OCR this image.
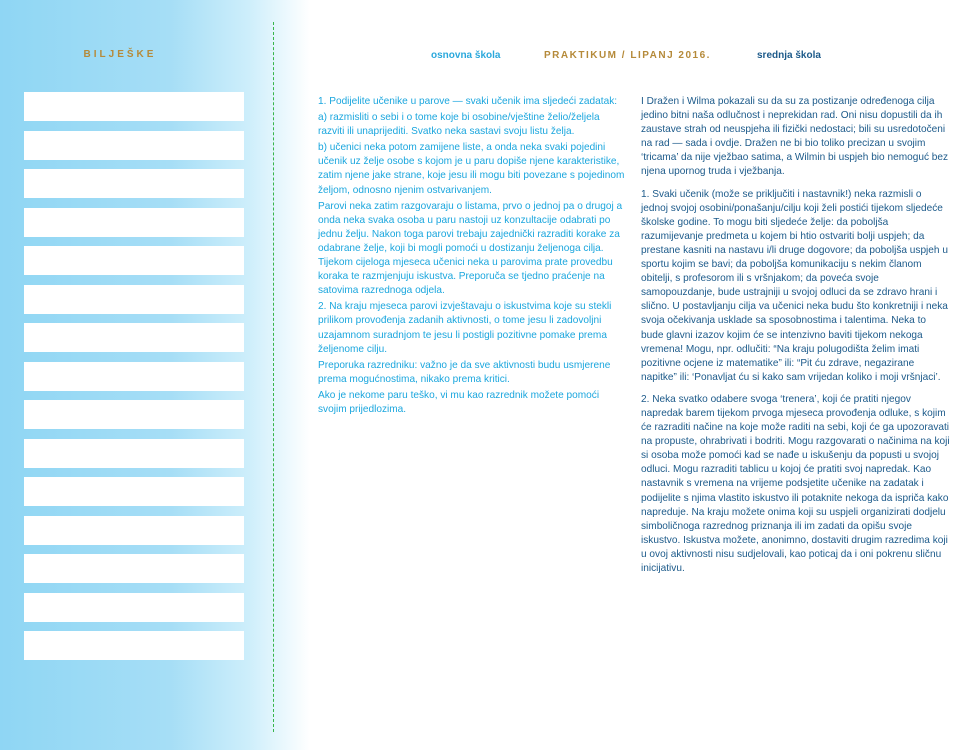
BILJEŠKE	osnovna škola	PRAKTIKUM / LIPANJ 2016.	srednja škola

1. Podijelite učenike u parove — svaki učenik ima sljedeći zadatak:

a) razmisliti o sebi i o tome koje bi osobine/vještine želio/željela razviti ili unaprijediti. Svatko neka sastavi svoju listu želja.

b) učenici neka potom zamijene liste, a onda neka svaki pojedini učenik uz želje osobe s kojom je u paru dopiše njene karakteristike, zatim njene jake strane, koje jesu ili mogu biti povezane s pojedinom željom, odnosno njenim ostvarivanjem.

Parovi neka zatim razgovaraju o listama, prvo o jednoj pa o drugoj a onda neka svaka osoba u paru nastoji uz konzultacije odabrati po jednu želju. Nakon toga parovi trebaju zajednički razraditi korake za odabrane želje, koji bi mogli pomoći u dostizanju željenoga cilja. Tijekom cijeloga mjeseca učenici neka u parovima prate provedbu koraka te razmjenjuju iskustva. Preporuča se tjedno praćenje na satovima razrednoga odjela.

2. Na kraju mjeseca parovi izvještavaju o iskustvima koje su stekli prilikom provođenja zadanih aktivnosti, o tome jesu li zadovoljni uzajamnom suradnjom te jesu li postigli pozitivne pomake prema željenome cilju.

Preporuka razredniku: važno je da sve aktivnosti budu usmjerene prema mogućnostima, nikako prema kritici.

Ako je nekome paru teško, vi mu kao razrednik možete pomoći svojim prijedlozima.

I Dražen i Wilma pokazali su da su za postizanje određenoga cilja jedino bitni naša odlučnost i neprekidan rad. Oni nisu dopustili da ih zaustave strah od neuspjeha ili fizički nedostaci; bili su usredotočeni na rad — sada i ovdje. Dražen ne bi bio toliko precizan u svojim ‘tricama’ da nije vježbao satima, a Wilmin bi uspjeh bio nemoguć bez njena upornog truda i vježbanja.

1. Svaki učenik (može se priključiti i nastavnik!) neka razmisli o jednoj svojoj osobini/ponašanju/cilju koji želi postići tijekom sljedeće školske godine. To mogu biti sljedeće želje: da poboljša razumijevanje predmeta u kojem bi htio ostvariti bolji uspjeh; da prestane kasniti na nastavu i/li druge dogovore; da poboljša uspjeh u sportu kojim se bavi; da poboljša komunikaciju s nekim članom obitelji, s profesorom ili s vršnjakom; da poveća svoje samopouzdanje, bude ustrajniji u svojoj odluci da se zdravo hrani i slično. U postavljanju cilja va učenici neka budu što konkretniji i neka svoja očekivanja usklade sa sposobnostima i talentima. Neka to bude glavni izazov kojim će se intenzivno baviti tijekom nekoga vremena! Mogu, npr. odlučiti: “Na kraju polugodišta želim imati pozitivne ocjene iz matematike” ili: “Pit ću zdrave, negazirane napitke” ili: ‘Ponavljat ću si kako sam vrijedan koliko i moji vršnjaci’.

2. Neka svatko odabere svoga ‘trenera’, koji će pratiti njegov napredak barem tijekom prvoga mjeseca provođenja odluke, s kojim će razraditi načine na koje može raditi na sebi, koji će ga upozoravati na propuste, ohrabrivati i bodriti. Mogu razgovarati o načinima na koji si osoba može pomoći kad se nađe u iskušenju da popusti u svojoj odluci. Mogu razraditi tablicu u kojoj će pratiti svoj napredak. Kao nastavnik s vremena na vrijeme podsjetite učenike na zadatak i podijelite s njima vlastito iskustvo ili potaknite nekoga da ispriča kako napreduje. Na kraju možete onima koji su uspjeli organizirati dodjelu simboličnoga razrednog priznanja ili im zadati da opišu svoje iskustvo. Iskustva možete, anonimno, dostaviti drugim razredima koji u ovoj aktivnosti nisu sudjelovali, kao poticaj da i oni pokrenu sličnu inicijativu.
